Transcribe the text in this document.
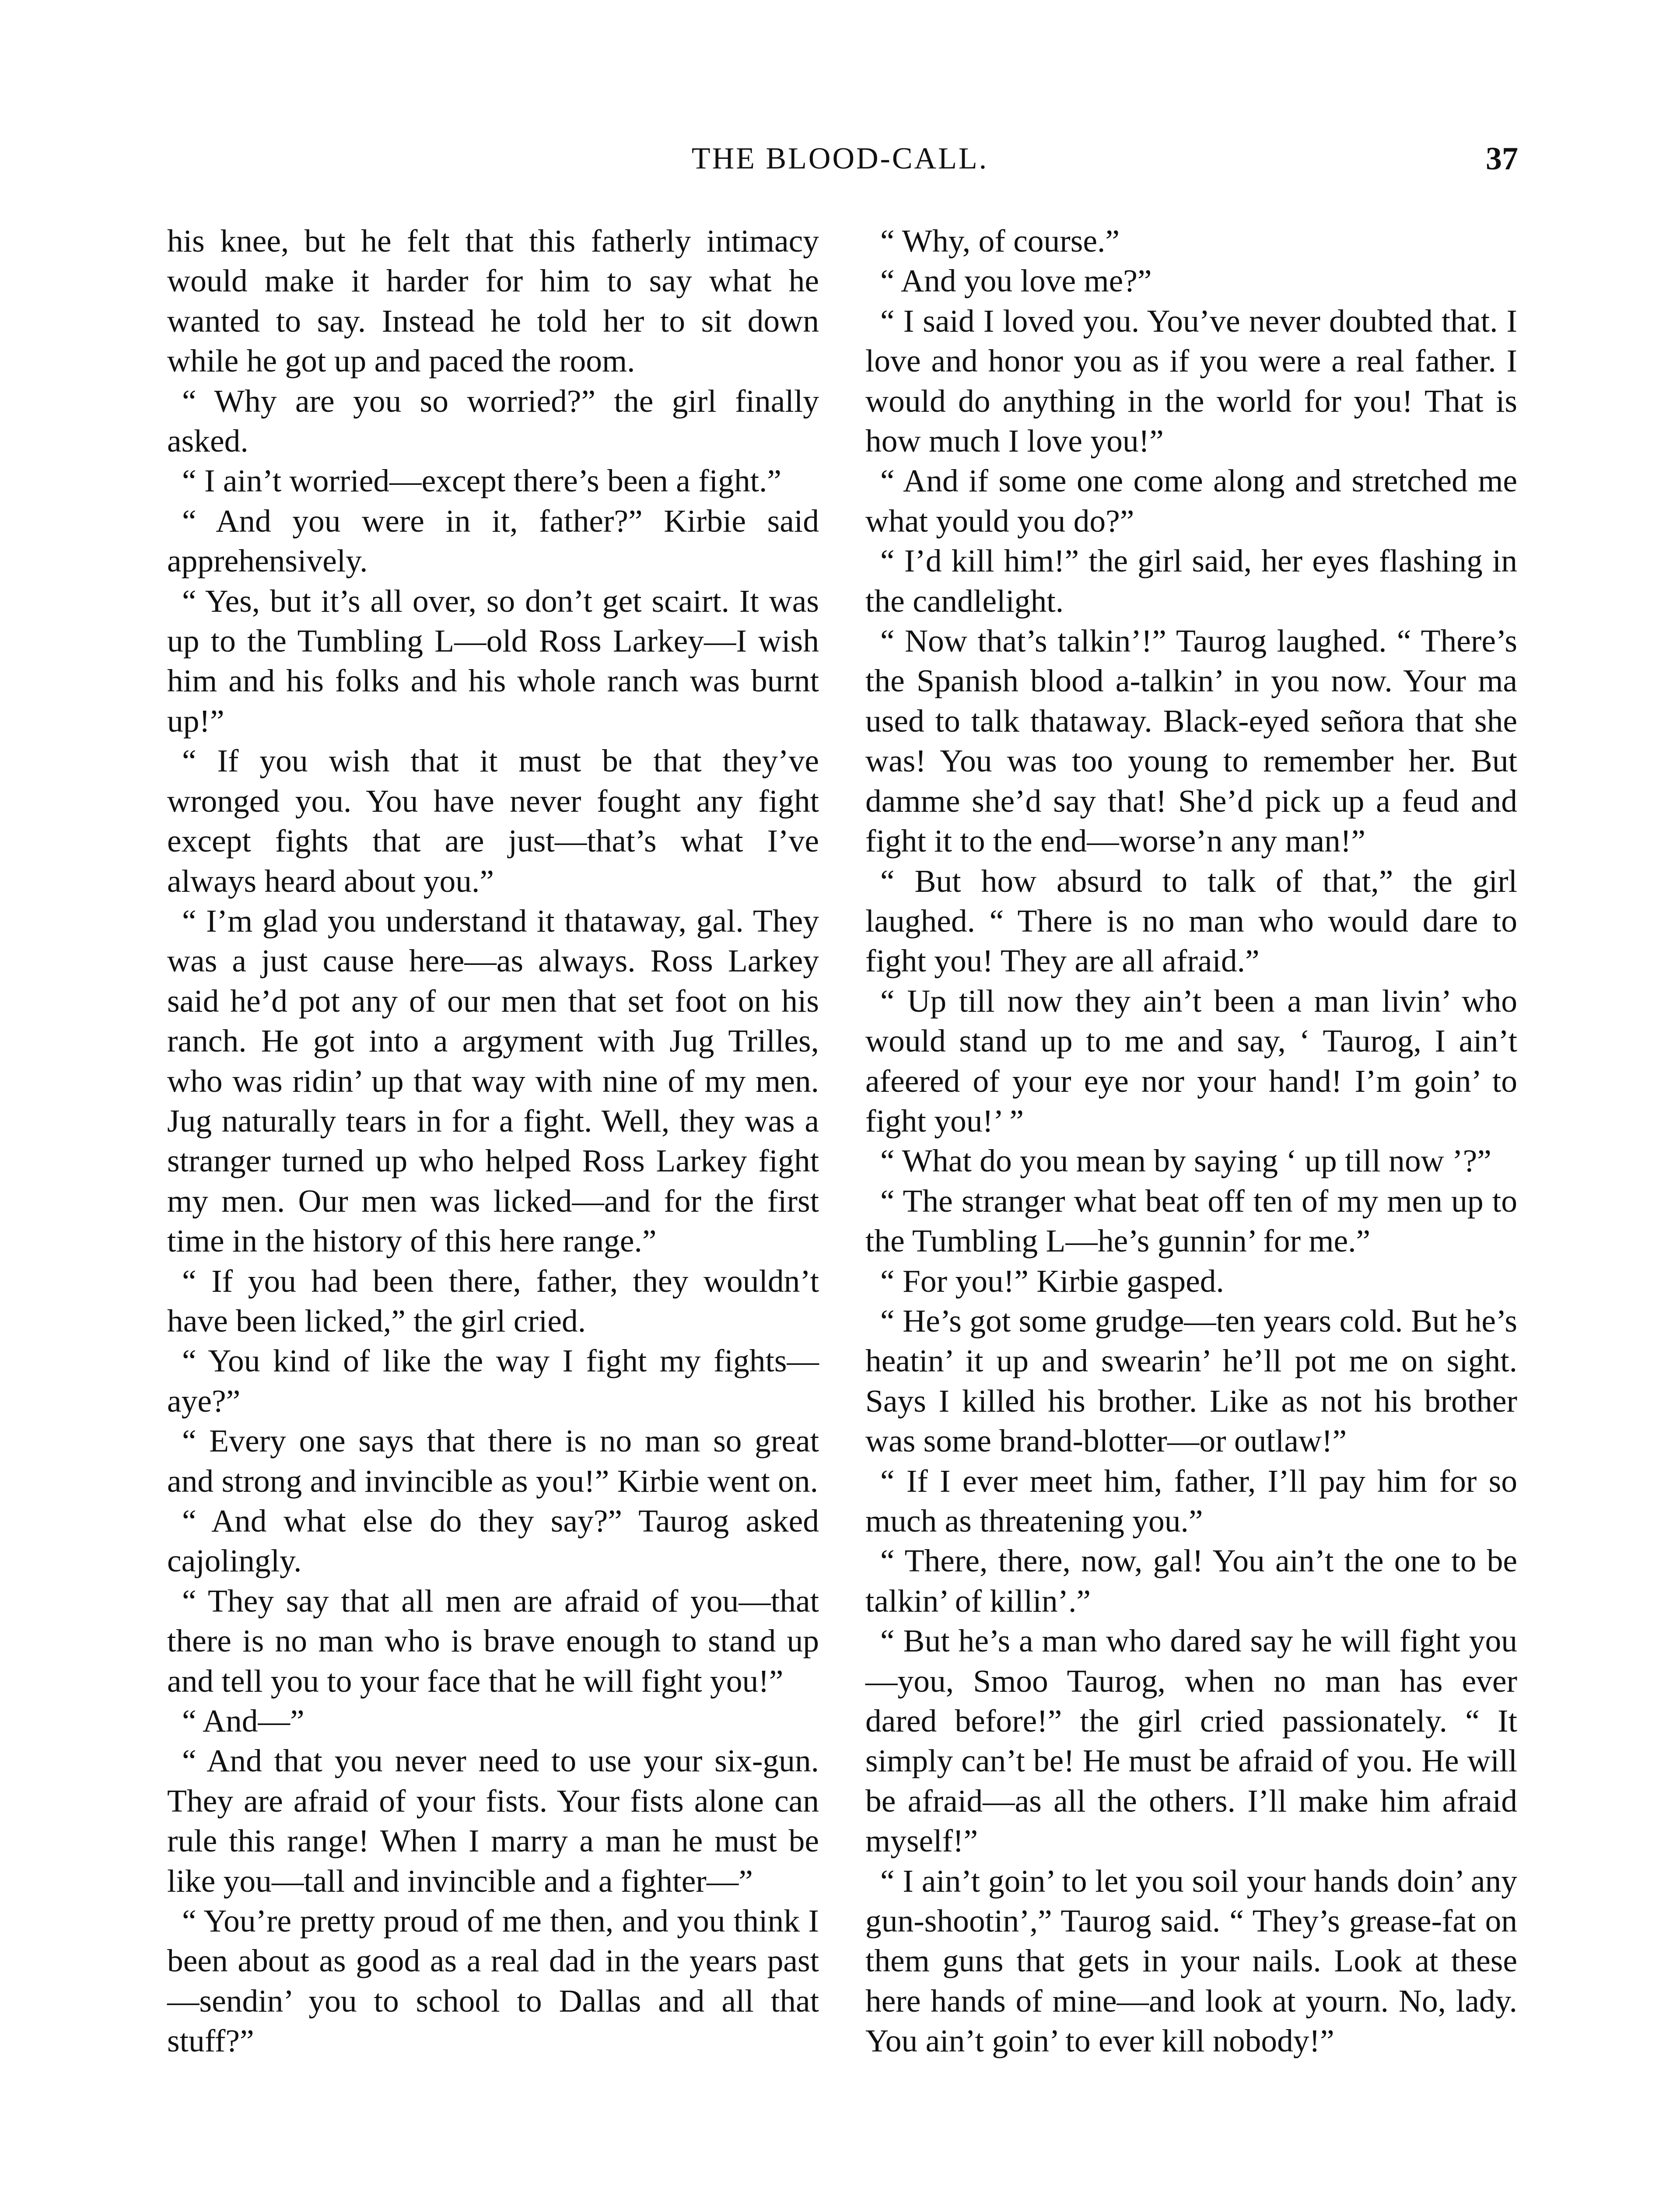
THE BLOOD-CALL.	37

his knee, but he felt that this fatherly intimacy would make it harder for him to say what he wanted to say. Instead he told her to sit down while he got up and paced the room.

“ Why are you so worried?” the girl finally asked.

“ I ain’t worried—except there’s been a fight.”

“ And you were in it, father?” Kirbie said apprehensively.

“ Yes, but it’s all over, so don’t get scairt. It was up to the Tumbling L—old Ross Larkey—I wish him and his folks and his whole ranch was burnt up!”

“ If you wish that it must be that they’ve wronged you. You have never fought any fight except fights that are just—that’s what I’ve always heard about you.”

“ I’m glad you understand it thataway, gal. They was a just cause here—as always. Ross Larkey said he’d pot any of our men that set foot on his ranch. He got into a argyment with Jug Trilles, who was ridin’ up that way with nine of my men. Jug naturally tears in for a fight. Well, they was a stranger turned up who helped Ross Larkey fight my men. Our men was licked—and for the first time in the history of this here range.”

“ If you had been there, father, they wouldn’t have been licked,” the girl cried.

“ You kind of like the way I fight my fights—aye?”

“ Every one says that there is no man so great and strong and invincible as you!” Kirbie went on.

“ And what else do they say?” Taurog asked cajolingly.

“ They say that all men are afraid of you—that there is no man who is brave enough to stand up and tell you to your face that he will fight you!”

“ And—”

“ And that you never need to use your six-gun. They are afraid of your fists. Your fists alone can rule this range! When I marry a man he must be like you—tall and invincible and a fighter—”

“ You’re pretty proud of me then, and you think I been about as good as a real dad in the years past—sendin’ you to school to Dallas and all that stuff?”

“ Why, of course.”

“ And you love me?”

“ I said I loved you. You’ve never doubted that. I love and honor you as if you were a real father. I would do anything in the world for you! That is how much I love you!”

“ And if some one come along and stretched me what yould you do?”

“ I’d kill him!” the girl said, her eyes flashing in the candlelight.

“ Now that’s talkin’!” Taurog laughed. “ There’s the Spanish blood a-talkin’ in you now. Your ma used to talk thataway. Black-eyed señora that she was! You was too young to remember her. But damme she’d say that! She’d pick up a feud and fight it to the end—worse’n any man!”

“ But how absurd to talk of that,” the girl laughed. “ There is no man who would dare to fight you! They are all afraid.”

“ Up till now they ain’t been a man livin’ who would stand up to me and say, ‘ Taurog, I ain’t afeered of your eye nor your hand! I’m goin’ to fight you!’ ”

“ What do you mean by saying ‘ up till now ’?”

“ The stranger what beat off ten of my men up to the Tumbling L—he’s gunnin’ for me.”

“ For you!” Kirbie gasped.

“ He’s got some grudge—ten years cold. But he’s heatin’ it up and swearin’ he’ll pot me on sight. Says I killed his brother. Like as not his brother was some brand-blotter—or outlaw!”

“ If I ever meet him, father, I’ll pay him for so much as threatening you.”

“ There, there, now, gal! You ain’t the one to be talkin’ of killin’.”

“ But he’s a man who dared say he will fight you—you, Smoo Taurog, when no man has ever dared before!” the girl cried passionately. “ It simply can’t be! He must be afraid of you. He will be afraid—as all the others. I’ll make him afraid myself!”

“ I ain’t goin’ to let you soil your hands doin’ any gun-shootin’,” Taurog said. “ They’s grease-fat on them guns that gets in your nails. Look at these here hands of mine—and look at yourn. No, lady. You ain’t goin’ to ever kill nobody!”
